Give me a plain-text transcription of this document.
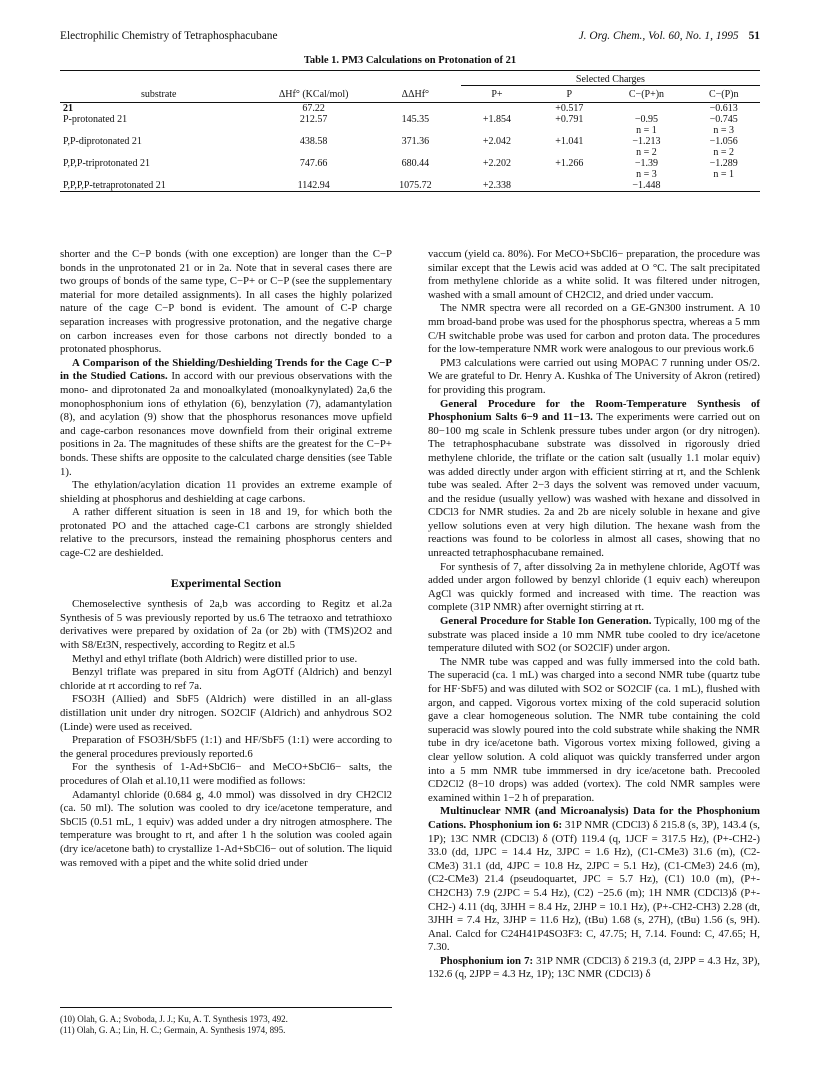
Electrophilic Chemistry of Tetraphosphacubane	J. Org. Chem., Vol. 60, No. 1, 1995 51
Table 1. PM3 Calculations on Protonation of 21

			Selected Charges			
substrate	ΔHf° (KCal/mol)	ΔΔHf°	P+	P	C−(P+)n	C−(P)n
21	67.22			+0.517		−0.613
P-protonated 21	212.57	145.35	+1.854	+0.791	−0.95	−0.745
					n = 1	n = 3
P,P-diprotonated 21	438.58	371.36	+2.042	+1.041	−1.213	−1.056
					n = 2	n = 2
P,P,P-triprotonated 21	747.66	680.44	+2.202	+1.266	−1.39	−1.289
					n = 3	n = 1
P,P,P,P-tetraprotonated 21	1142.94	1075.72	+2.338		−1.448	

shorter and the C−P bonds (with one exception) are longer than the C−P bonds in the unprotonated 21 or in 2a. Note that in several cases there are two groups of bonds of the same type, C−P+ or C−P (see the supplementary material for more detailed assignments). In all cases the highly polarized nature of the cage C−P bond is evident. The amount of C-P charge separation increases with progressive protonation, and the negative charge on carbon increases even for those carbons not directly bonded to a protonated phosphorus.

A Comparison of the Shielding/Deshielding Trends for the Cage C−P in the Studied Cations. In accord with our previous observations with the mono- and diprotonated 2a and monoalkylated (monoalkynylated) 2a,6 the monophosphonium ions of ethylation (6), benzylation (7), adamantylation (8), and acylation (9) show that the phosphorus resonances move upfield and cage-carbon resonances move downfield from their original extreme positions in 2a. The magnitudes of these shifts are the greatest for the C−P+ bonds. These shifts are opposite to the calculated charge densities (see Table 1).

The ethylation/acylation dication 11 provides an extreme example of shielding at phosphorus and deshielding at cage carbons.

A rather different situation is seen in 18 and 19, for which both the protonated PO and the attached cage-C1 carbons are strongly shielded relative to the precursors, instead the remaining phosphorus centers and cage-C2 are deshielded.

Experimental Section

Chemoselective synthesis of 2a,b was according to Regitz et al.2a Synthesis of 5 was previously reported by us.6 The tetraoxo and tetrathioxo derivatives were prepared by oxidation of 2a (or 2b) with (TMS)2O2 and with S8/Et3N, respectively, according to Regitz et al.5

Methyl and ethyl triflate (both Aldrich) were distilled prior to use.

Benzyl triflate was prepared in situ from AgOTf (Aldrich) and benzyl chloride at rt according to ref 7a.

FSO3H (Allied) and SbF5 (Aldrich) were distilled in an all-glass distillation unit under dry nitrogen. SO2ClF (Aldrich) and anhydrous SO2 (Linde) were used as received.

Preparation of FSO3H/SbF5 (1:1) and HF/SbF5 (1:1) were according to the general procedures previously reported.6

For the synthesis of 1-Ad+SbCl6− and MeCO+SbCl6− salts, the procedures of Olah et al.10,11 were modified as follows:

Adamantyl chloride (0.684 g, 4.0 mmol) was dissolved in dry CH2Cl2 (ca. 50 ml). The solution was cooled to dry ice/acetone temperature, and SbCl5 (0.51 mL, 1 equiv) was added under a dry nitrogen atmosphere. The temperature was brought to rt, and after 1 h the solution was cooled again (dry ice/acetone bath) to crystallize 1-Ad+SbCl6− out of solution. The liquid was removed with a pipet and the white solid dried under

(10) Olah, G. A.; Svoboda, J. J.; Ku, A. T. Synthesis 1973, 492.
(11) Olah, G. A.; Lin, H. C.; Germain, A. Synthesis 1974, 895.

vaccum (yield ca. 80%). For MeCO+SbCl6− preparation, the procedure was similar except that the Lewis acid was added at O °C. The salt precipitated from methylene chloride as a white solid. It was filtered under nitrogen, washed with a small amount of CH2Cl2, and dried under vaccum.

The NMR spectra were all recorded on a GE-GN300 instrument. A 10 mm broad-band probe was used for the phosphorus spectra, whereas a 5 mm C/H switchable probe was used for carbon and proton data. The procedures for the low-temperature NMR work were analogous to our previous work.6

PM3 calculations were carried out using MOPAC 7 running under OS/2. We are grateful to Dr. Henry A. Kushka of The University of Akron (retired) for providing this program.

General Procedure for the Room-Temperature Synthesis of Phosphonium Salts 6−9 and 11−13. The experiments were carried out on 80−100 mg scale in Schlenk pressure tubes under argon (or dry nitrogen). The tetraphosphacubane substrate was dissolved in rigorously dried methylene chloride, the triflate or the cation salt (usually 1.1 molar equiv) was added directly under argon with efficient stirring at rt, and the Schlenk tube was sealed. After 2−3 days the solvent was removed under vacuum, and the residue (usually yellow) was washed with hexane and dissolved in CDCl3 for NMR studies. 2a and 2b are nicely soluble in hexane and give yellow solutions even at very high dilution. The hexane wash from the reactions was found to be colorless in almost all cases, showing that no unreacted tetraphosphacubane remained.

For synthesis of 7, after dissolving 2a in methylene chloride, AgOTf was added under argon followed by benzyl chloride (1 equiv each) whereupon AgCl was quickly formed and increased with time. The reaction was complete (31P NMR) after overnight stirring at rt.

General Procedure for Stable Ion Generation. Typically, 100 mg of the substrate was placed inside a 10 mm NMR tube cooled to dry ice/acetone temperature diluted with SO2 (or SO2ClF) under argon.

The NMR tube was capped and was fully immersed into the cold bath. The superacid (ca. 1 mL) was charged into a second NMR tube (quartz tube for HF·SbF5) and was diluted with SO2 or SO2ClF (ca. 1 mL), flushed with argon, and capped. Vigorous vortex mixing of the cold superacid solution gave a clear homogeneous solution. The NMR tube containing the cold superacid was slowly poured into the cold substrate while shaking the NMR tube in dry ice/acetone bath. Vigorous vortex mixing followed, giving a clear yellow solution. A cold aliquot was quickly transferred under argon into a 5 mm NMR tube immmersed in dry ice/acetone bath. Precooled CD2Cl2 (8−10 drops) was added (vortex). The cold NMR samples were examined within 1−2 h of preparation.

Multinuclear NMR (and Microanalysis) Data for the Phosphonium Cations. Phosphonium ion 6: 31P NMR (CDCl3) δ 215.8 (s, 3P), 143.4 (s, 1P); 13C NMR (CDCl3) δ (OTf) 119.4 (q, 1JCF = 317.5 Hz), (P+-CH2-) 33.0 (dd, 1JPC = 14.4 Hz, 3JPC = 1.6 Hz), (C1-CMe3) 31.6 (m), (C2-CMe3) 31.1 (dd, 4JPC = 10.8 Hz, 2JPC = 5.1 Hz), (C1-CMe3) 24.6 (m), (C2-CMe3) 21.4 (pseudoquartet, JPC = 5.7 Hz), (C1) 10.0 (m), (P+-CH2CH3) 7.9 (2JPC = 5.4 Hz), (C2) −25.6 (m); 1H NMR (CDCl3)δ (P+-CH2-) 4.11 (dq, 3JHH = 8.4 Hz, 2JHP = 10.1 Hz), (P+-CH2-CH3) 2.28 (dt, 3JHH = 7.4 Hz, 3JHP = 11.6 Hz), (tBu) 1.68 (s, 27H), (tBu) 1.56 (s, 9H). Anal. Calcd for C24H41P4SO3F3: C, 47.75; H, 7.14. Found: C, 47.65; H, 7.30.

Phosphonium ion 7: 31P NMR (CDCl3) δ 219.3 (d, 2JPP = 4.3 Hz, 3P), 132.6 (q, 2JPP = 4.3 Hz, 1P); 13C NMR (CDCl3) δ
